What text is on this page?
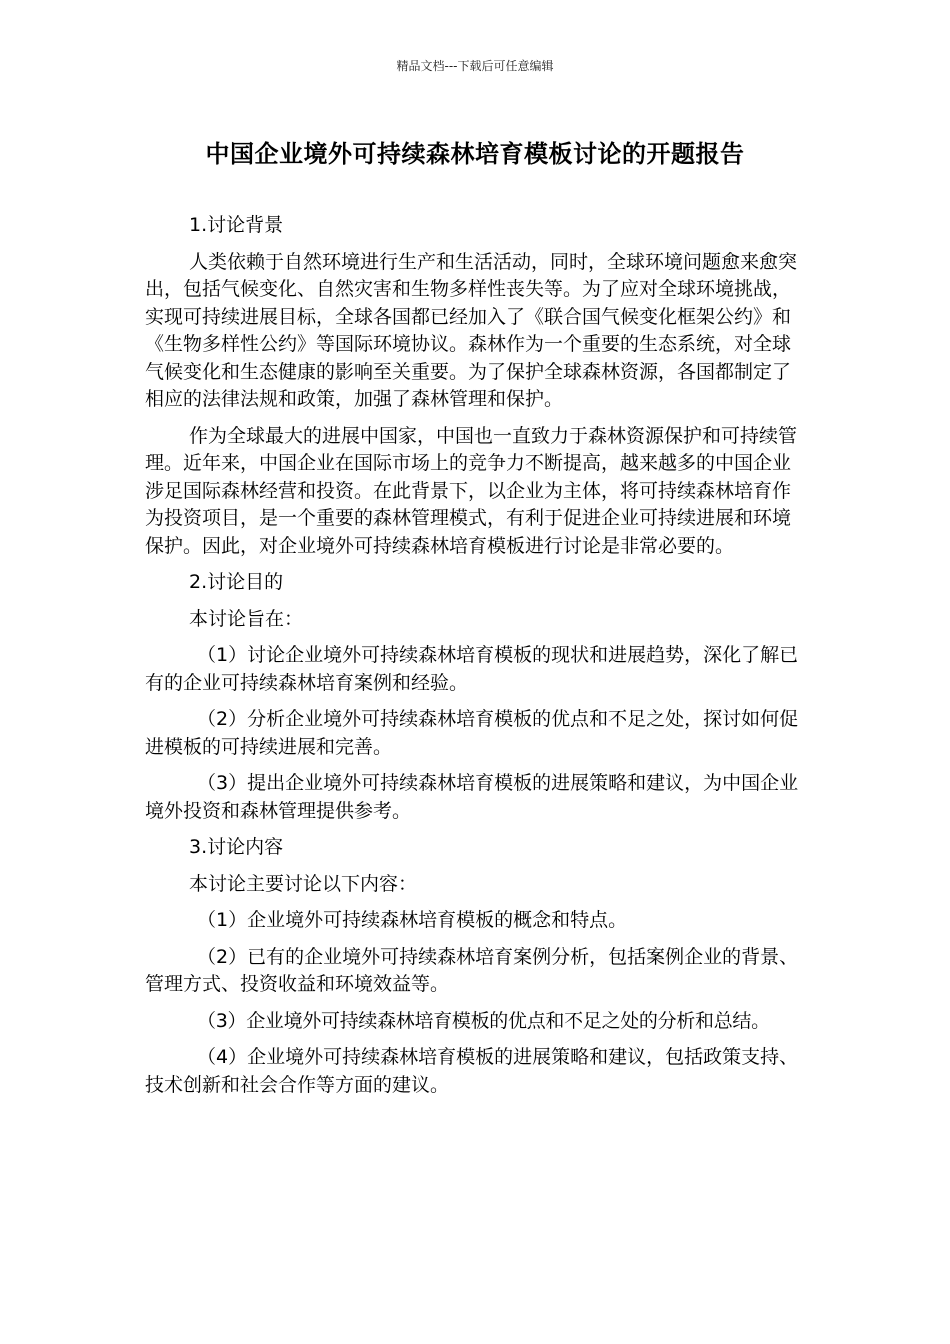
精品文档---下载后可任意编辑
中国企业境外可持续森林培育模板讨论的开题报告

1.讨论背景

人类依赖于自然环境进行生产和生活活动，同时，全球环境问题愈来愈突出，包括气候变化、自然灾害和生物多样性丧失等。为了应对全球环境挑战，实现可持续进展目标，全球各国都已经加入了《联合国气候变化框架公约》和《生物多样性公约》等国际环境协议。森林作为一个重要的生态系统，对全球气候变化和生态健康的影响至关重要。为了保护全球森林资源，各国都制定了相应的法律法规和政策，加强了森林管理和保护。

作为全球最大的进展中国家，中国也一直致力于森林资源保护和可持续管理。近年来，中国企业在国际市场上的竞争力不断提高，越来越多的中国企业涉足国际森林经营和投资。在此背景下，以企业为主体，将可持续森林培育作为投资项目，是一个重要的森林管理模式，有利于促进企业可持续进展和环境保护。因此，对企业境外可持续森林培育模板进行讨论是非常必要的。

2.讨论目的

本讨论旨在：

（1）讨论企业境外可持续森林培育模板的现状和进展趋势，深化了解已有的企业可持续森林培育案例和经验。

（2）分析企业境外可持续森林培育模板的优点和不足之处，探讨如何促进模板的可持续进展和完善。

（3）提出企业境外可持续森林培育模板的进展策略和建议，为中国企业境外投资和森林管理提供参考。

3.讨论内容

本讨论主要讨论以下内容：

（1）企业境外可持续森林培育模板的概念和特点。

（2）已有的企业境外可持续森林培育案例分析，包括案例企业的背景、管理方式、投资收益和环境效益等。

（3）企业境外可持续森林培育模板的优点和不足之处的分析和总结。

（4）企业境外可持续森林培育模板的进展策略和建议，包括政策支持、技术创新和社会合作等方面的建议。
